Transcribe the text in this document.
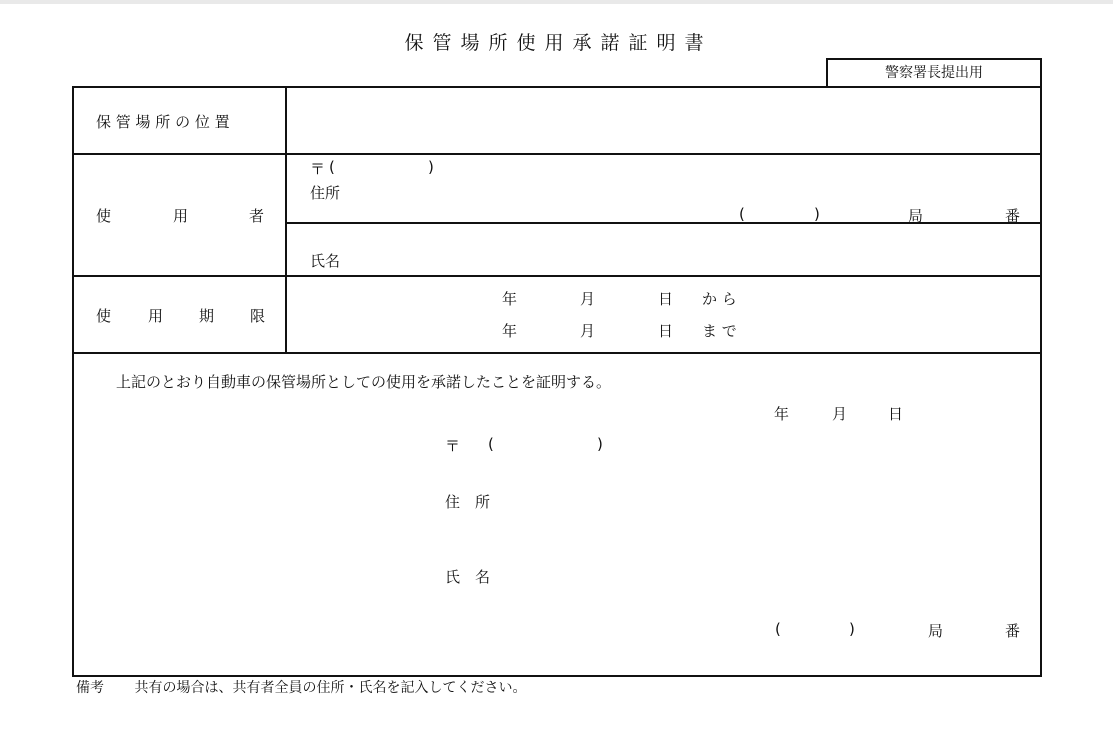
保管場所使用承諾証明書
警察署長提出用
保 管 場 所 の 位 置
使	用	者
〒 (	)
住所
(	)	局	番
氏名
使 用 期 限
年	月	日 か ら
年	月	日 ま で
上記のとおり自動車の保管場所としての使用を承諾したことを証明する。
年	月	日
〒 (	)
住　所
氏　名
(	)	局	番
備考 共有の場合は、共有者全員の住所・氏名を記入してください。
